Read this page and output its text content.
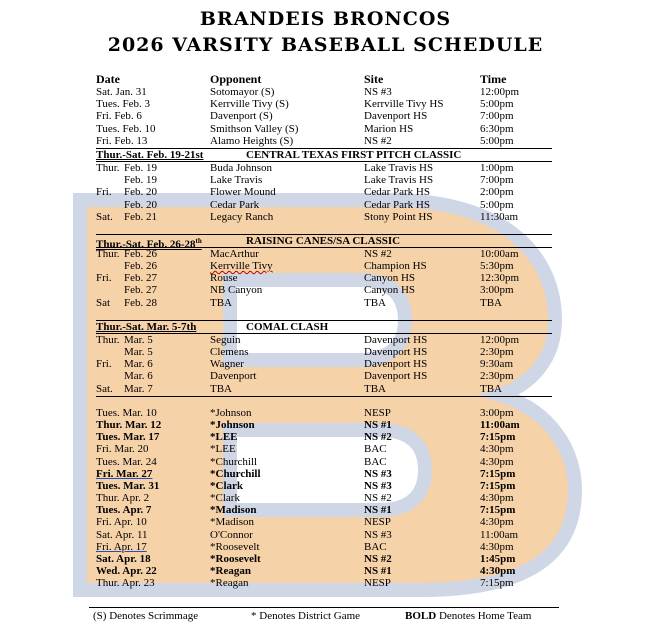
BRANDEIS BRONCOS
2026 VARSITY BASEBALL SCHEDULE
Date	Opponent	Site	Time
Sat. Jan. 31	Sotomayor (S)	NS #3	12:00pm
Tues. Feb. 3	Kerrville Tivy (S)	Kerrville Tivy HS	5:00pm
Fri. Feb. 6	Davenport (S)	Davenport HS	7:00pm
Tues. Feb. 10	Smithson Valley (S)	Marion HS	6:30pm
Fri. Feb. 13	Alamo Heights (S)	NS #2	5:00pm
Thur.-Sat. Feb. 19-21st	CENTRAL TEXAS FIRST PITCH CLASSIC
Thur. Feb. 19	Buda Johnson	Lake Travis HS	1:00pm
Feb. 19	Lake Travis	Lake Travis HS	7:00pm
Fri. Feb. 20	Flower Mound	Cedar Park HS	2:00pm
Feb. 20	Cedar Park	Cedar Park HS	5:00pm
Sat. Feb. 21	Legacy Ranch	Stony Point HS	11:30am
Thur.-Sat. Feb. 26-28th	RAISING CANES/SA CLASSIC
Thur. Feb. 26	MacArthur	NS #2	10:00am
Feb. 26	Kerrville Tivy	Champion HS	5:30pm
Fri. Feb. 27	Rouse	Canyon HS	12:30pm
Feb. 27	NB Canyon	Canyon HS	3:00pm
Sat Feb. 28	TBA	TBA	TBA
Thur.-Sat. Mar. 5-7th	COMAL CLASH
Thur. Mar. 5	Seguin	Davenport HS	12:00pm
Mar. 5	Clemens	Davenport HS	2:30pm
Fri. Mar. 6	Wagner	Davenport HS	9:30am
Mar. 6	Davenport	Davenport HS	2:30pm
Sat. Mar. 7	TBA	TBA	TBA
Tues. Mar. 10	*Johnson	NESP	3:00pm
Thur. Mar. 12	*Johnson	NS #1	11:00am
Tues. Mar. 17	*LEE	NS #2	7:15pm
Fri. Mar. 20	*LEE	BAC	4:30pm
Tues. Mar. 24	*Churchill	BAC	4:30pm
Fri. Mar. 27	*Churchill	NS #3	7:15pm
Tues. Mar. 31	*Clark	NS #3	7:15pm
Thur. Apr. 2	*Clark	NS #2	4:30pm
Tues. Apr. 7	*Madison	NS #1	7:15pm
Fri. Apr. 10	*Madison	NESP	4:30pm
Sat. Apr. 11	O'Connor	NS #3	11:00am
Fri. Apr. 17	*Roosevelt	BAC	4:30pm
Sat. Apr. 18	*Roosevelt	NS #2	1:45pm
Wed. Apr. 22	*Reagan	NS #1	4:30pm
Thur. Apr. 23	*Reagan	NESP	7:15pm
(S) Denotes Scrimmage	* Denotes District Game	BOLD Denotes Home Team
